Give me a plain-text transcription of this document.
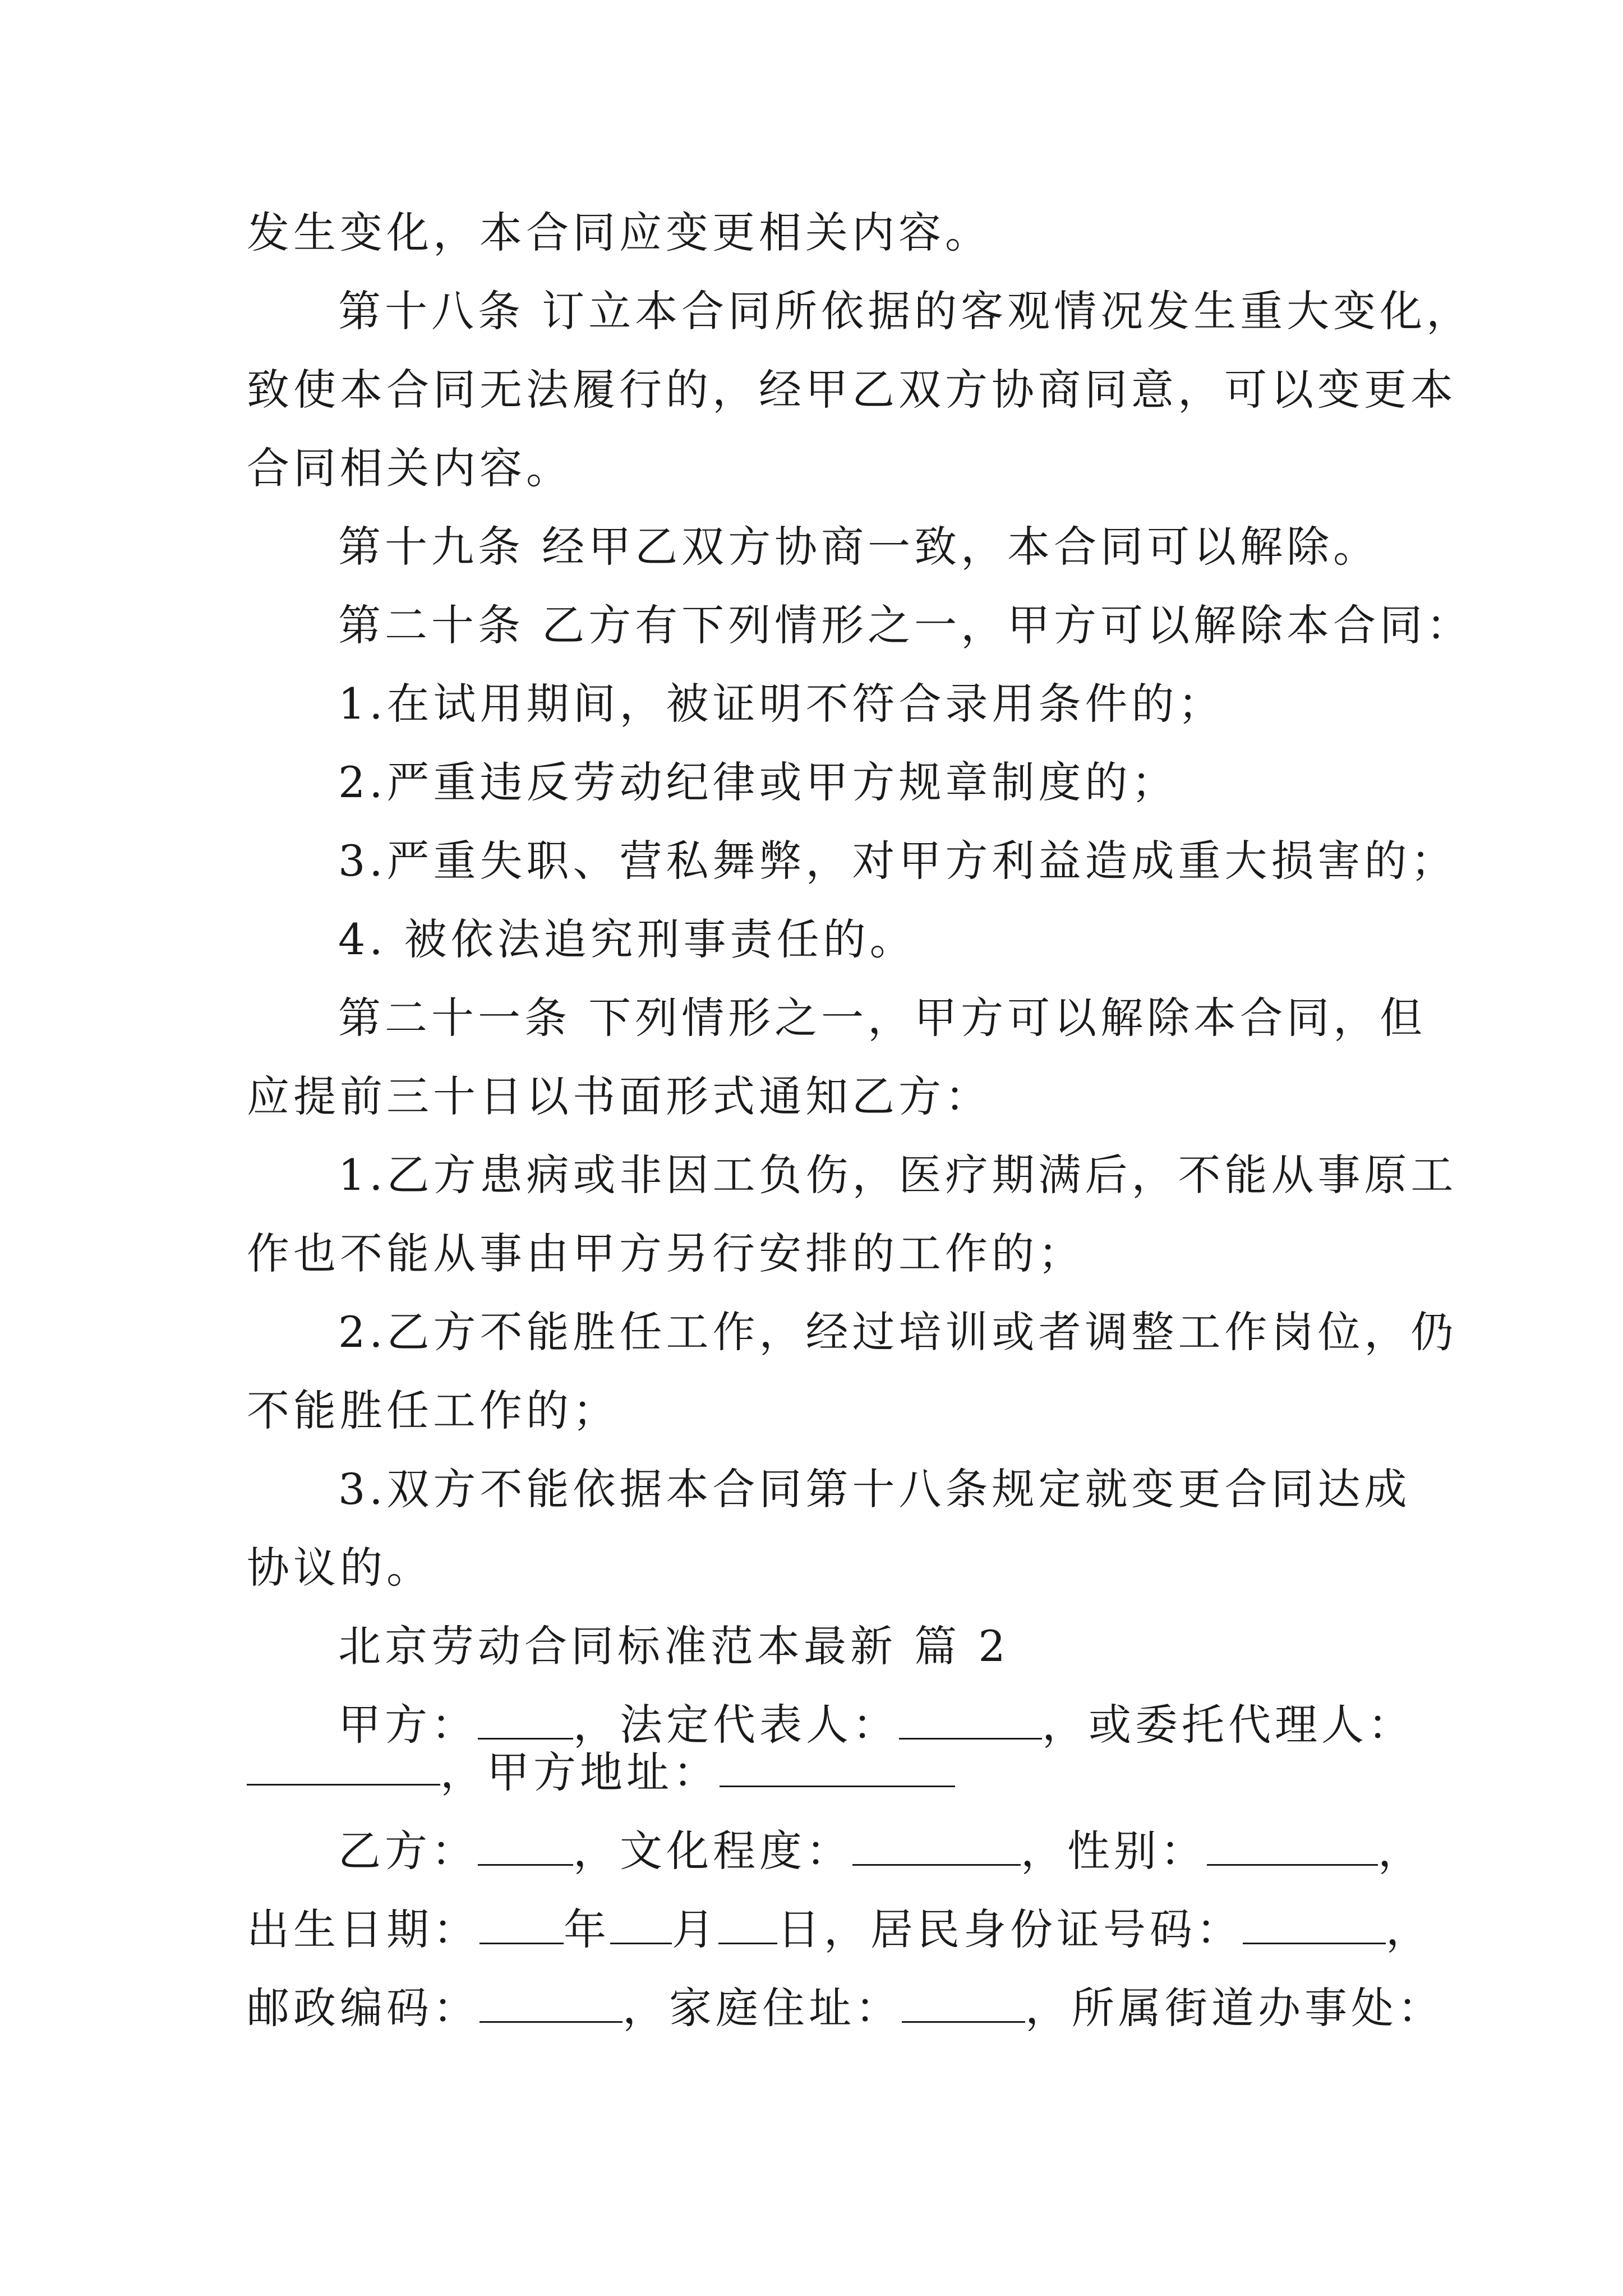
发生变化，本合同应变更相关内容。
第十八条 订立本合同所依据的客观情况发生重大变化，
致使本合同无法履行的，经甲乙双方协商同意，可以变更本
合同相关内容。
第十九条 经甲乙双方协商一致，本合同可以解除。
第二十条 乙方有下列情形之一，甲方可以解除本合同：
1.在试用期间，被证明不符合录用条件的；
2.严重违反劳动纪律或甲方规章制度的；
3.严重失职、营私舞弊，对甲方利益造成重大损害的；
4. 被依法追究刑事责任的。
第二十一条 下列情形之一，甲方可以解除本合同，但
应提前三十日以书面形式通知乙方：
1.乙方患病或非因工负伤，医疗期满后，不能从事原工
作也不能从事由甲方另行安排的工作的；
2.乙方不能胜任工作，经过培训或者调整工作岗位，仍
不能胜任工作的；
3.双方不能依据本合同第十八条规定就变更合同达成
协议的。
北京劳动合同标准范本最新 篇 2
甲方： ，法定代表人：	，或委托代理人：
，甲方地址：
乙方： ，文化程度：	，性别：	，
出生日期： 年 月 日，居民身份证号码：	，
邮政编码：	，家庭住址：	，所属街道办事处：
